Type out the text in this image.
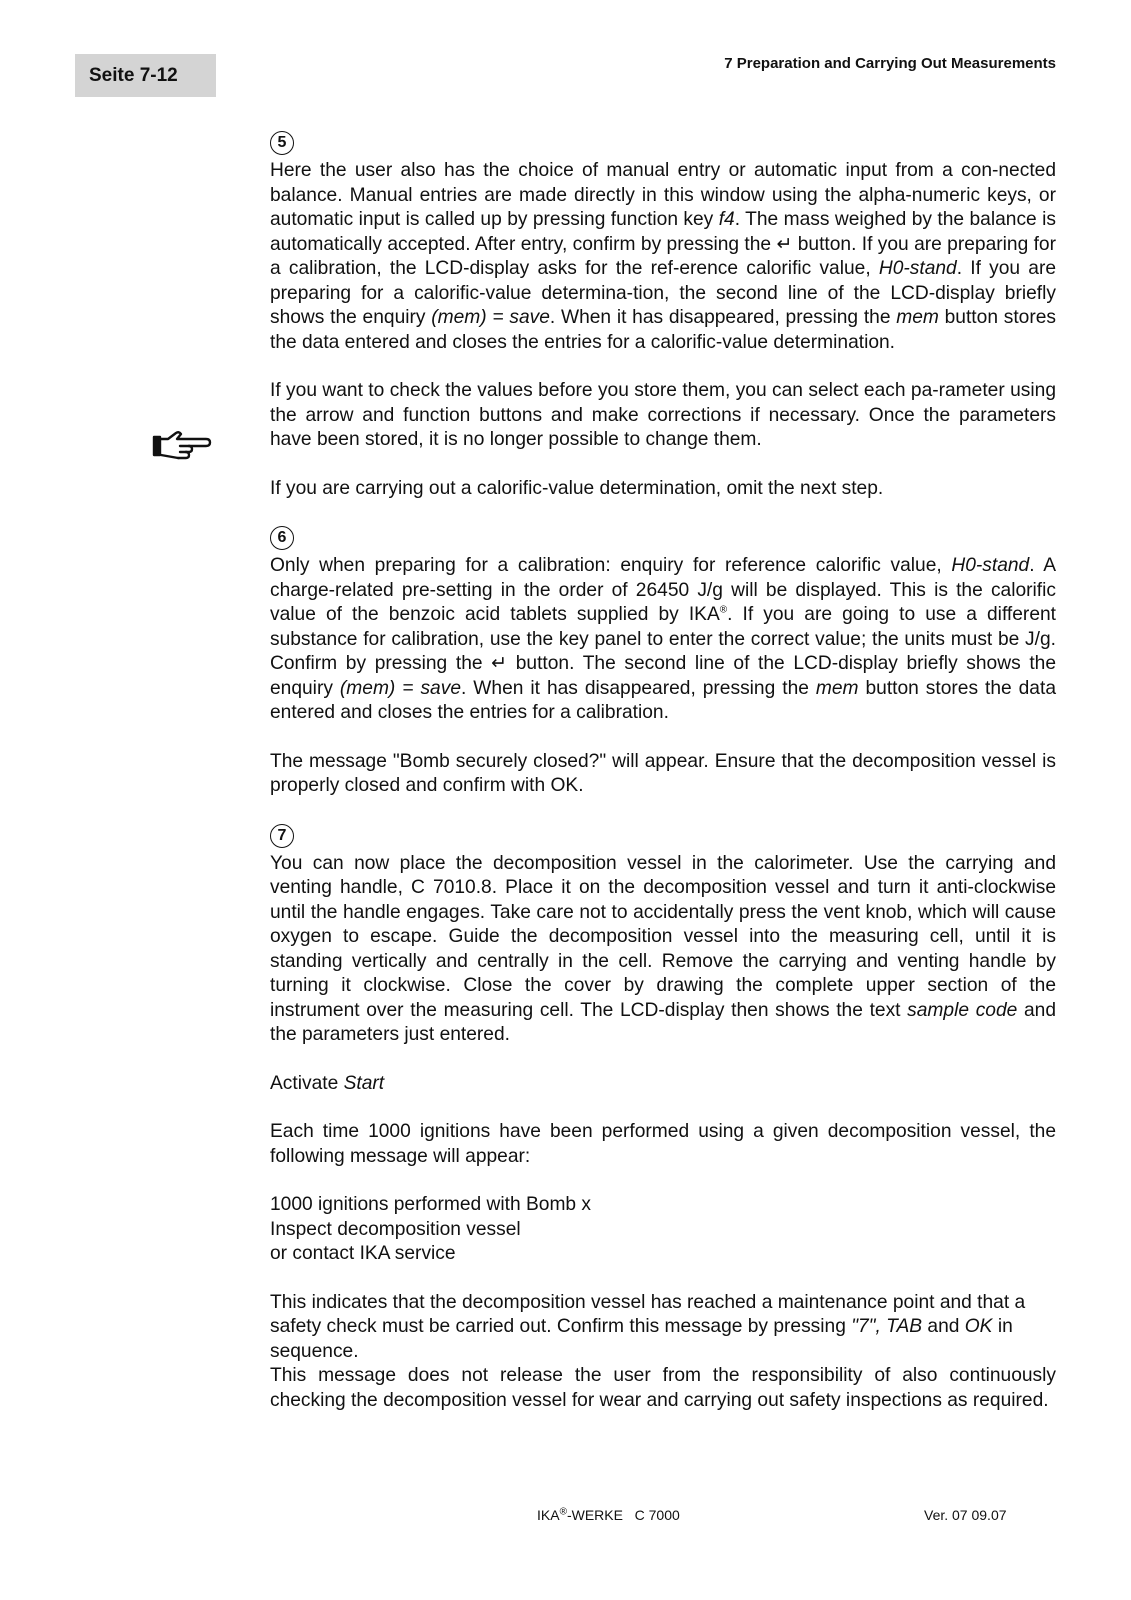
Seite 7-12
7 Preparation and Carrying Out Measurements
5

Here the user also has the choice of manual entry or automatic input from a con-nected balance. Manual entries are made directly in this window using the alpha-numeric keys, or automatic input is called up by pressing function key f4. The mass weighed by the balance is automatically accepted. After entry, confirm by pressing the ↵ button. If you are preparing for a calibration, the LCD-display asks for the ref-erence calorific value, H0-stand. If you are preparing for a calorific-value determina-tion, the second line of the LCD-display briefly shows the enquiry (mem) = save. When it has disappeared, pressing the mem button stores the data entered and closes the entries for a calorific-value determination.

If you want to check the values before you store them, you can select each pa-rameter using the arrow and function buttons and make corrections if necessary. Once the parameters have been stored, it is no longer possible to change them.

If you are carrying out a calorific-value determination, omit the next step.

6

Only when preparing for a calibration: enquiry for reference calorific value, H0-stand. A charge-related pre-setting in the order of 26450 J/g will be displayed. This is the calorific value of the benzoic acid tablets supplied by IKA®. If you are going to use a different substance for calibration, use the key panel to enter the correct value; the units must be J/g. Confirm by pressing the ↵ button. The second line of the LCD-display briefly shows the enquiry (mem) = save. When it has disappeared, pressing the mem button stores the data entered and closes the entries for a calibration.

The message "Bomb securely closed?" will appear. Ensure that the decomposition vessel is properly closed and confirm with OK.

7

You can now place the decomposition vessel in the calorimeter. Use the carrying and venting handle, C 7010.8. Place it on the decomposition vessel and turn it anti-clockwise until the handle engages. Take care not to accidentally press the vent knob, which will cause oxygen to escape. Guide the decomposition vessel into the measuring cell, until it is standing vertically and centrally in the cell. Remove the carrying and venting handle by turning it clockwise. Close the cover by drawing the complete upper section of the instrument over the measuring cell. The LCD-display then shows the text sample code and the parameters just entered.

Activate Start

Each time 1000 ignitions have been performed using a given decomposition vessel, the following message will appear:

1000 ignitions performed with Bomb x

Inspect decomposition vessel

or contact IKA service

This indicates that the decomposition vessel has reached a maintenance point and that a safety check must be carried out. Confirm this message by pressing "7", TAB and OK in sequence.

This message does not release the user from the responsibility of also continuously checking the decomposition vessel for wear and carrying out safety inspections as required.

IKA®-WERKE   C 7000	Ver. 07 09.07
